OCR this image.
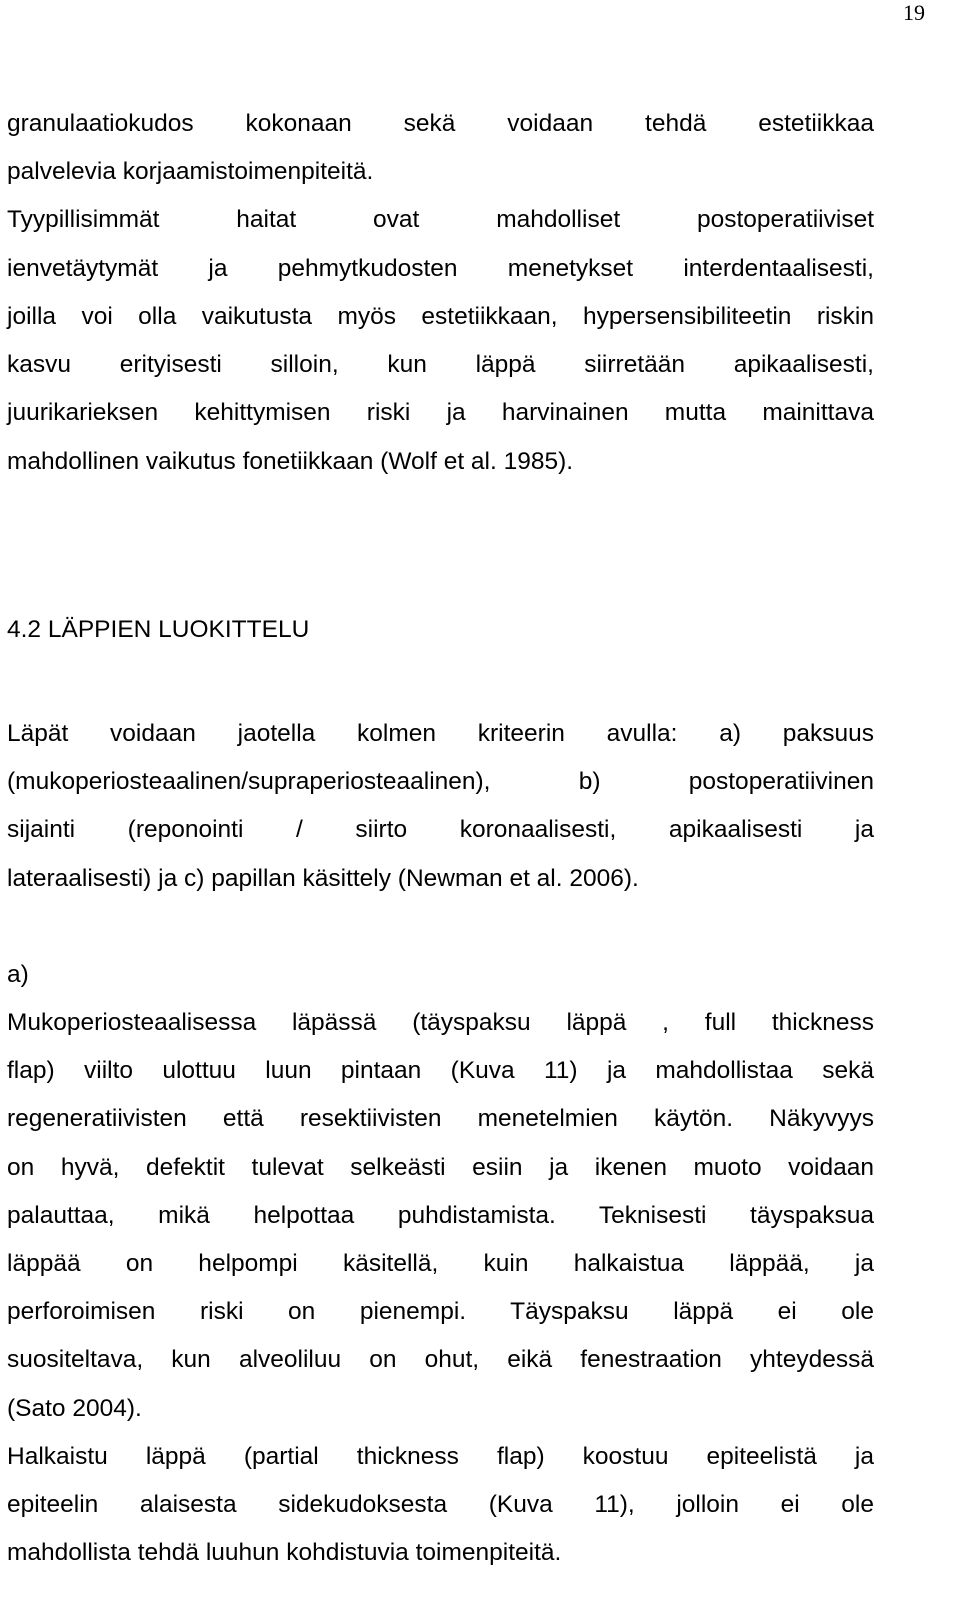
19
granulaatiokudos kokonaan sekä voidaan tehdä estetiikkaa
palvelevia korjaamistoimenpiteitä.
Tyypillisimmät haitat ovat mahdolliset postoperatiiviset
ienvetäytymät ja pehmytkudosten menetykset interdentaalisesti,
joilla voi olla vaikutusta myös estetiikkaan, hypersensibiliteetin riskin
kasvu erityisesti silloin, kun läppä siirretään apikaalisesti,
juurikarieksen kehittymisen riski ja harvinainen mutta mainittava
mahdollinen vaikutus fonetiikkaan (Wolf et al. 1985).
4.2 LÄPPIEN LUOKITTELU
Läpät voidaan jaotella kolmen kriteerin avulla: a) paksuus
(mukoperiosteaalinen/supraperiosteaalinen), b) postoperatiivinen
sijainti (reponointi / siirto koronaalisesti, apikaalisesti ja
lateraalisesti) ja c) papillan käsittely (Newman et al. 2006).
a)
Mukoperiosteaalisessa läpässä (täyspaksu läppä , full thickness
flap) viilto ulottuu luun pintaan (Kuva 11) ja mahdollistaa sekä
regeneratiivisten että resektiivisten menetelmien käytön. Näkyvyys
on hyvä, defektit tulevat selkeästi esiin ja ikenen muoto voidaan
palauttaa, mikä helpottaa puhdistamista. Teknisesti täyspaksua
läppää on helpompi käsitellä, kuin halkaistua läppää, ja
perforoimisen riski on pienempi. Täyspaksu läppä ei ole
suositeltava, kun alveoliluu on ohut, eikä fenestraation yhteydessä
(Sato 2004).
Halkaistu läppä (partial thickness flap) koostuu epiteelistä ja
epiteelin alaisesta sidekudoksesta (Kuva 11), jolloin ei ole
mahdollista tehdä luuhun kohdistuvia toimenpiteitä.
